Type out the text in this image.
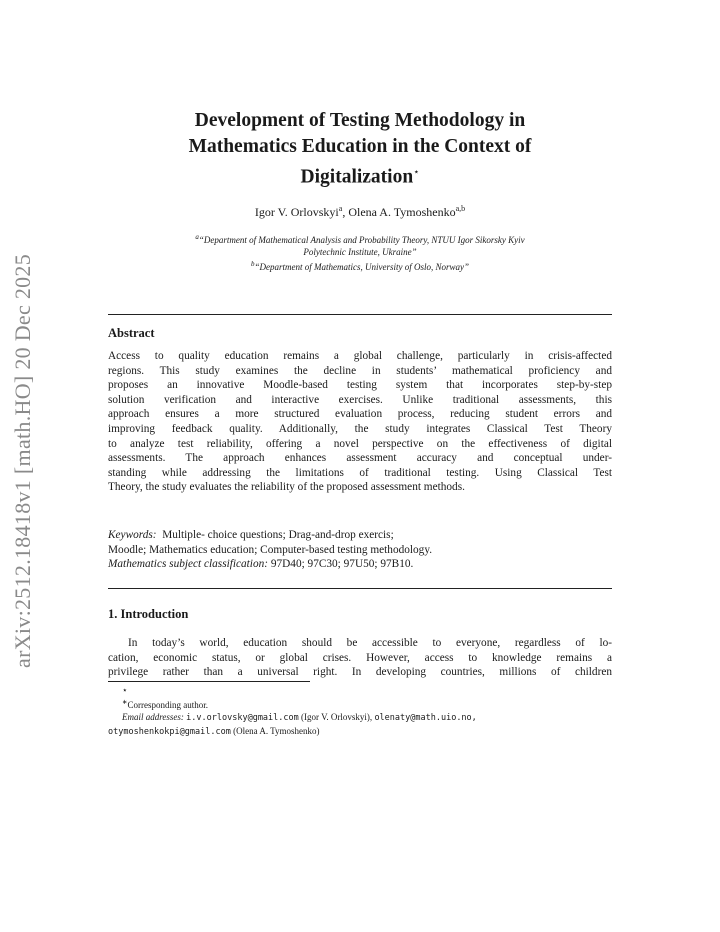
arXiv:2512.18418v1 [math.HO] 20 Dec 2025
Development of Testing Methodology in
Mathematics Education in the Context of
Digitalization⋆
Igor V. Orlovskyi$^a$, Olena A. Tymoshenko$^{a,b}$
$^a$“Department of Mathematical Analysis and Probability Theory, NTUU Igor Sikorsky Kyiv
Polytechnic Institute, Ukraine”
$^b$“Department of Mathematics, University of Oslo, Norway”
Abstract
Access to quality education remains a global challenge, particularly in crisis-affected
regions. This study examines the decline in students’ mathematical proficiency and
proposes an innovative Moodle-based testing system that incorporates step-by-step
solution verification and interactive exercises. Unlike traditional assessments, this
approach ensures a more structured evaluation process, reducing student errors and
improving feedback quality. Additionally, the study integrates Classical Test Theory
to analyze test reliability, offering a novel perspective on the effectiveness of digital
assessments. The approach enhances assessment accuracy and conceptual under-
standing while addressing the limitations of traditional testing. Using Classical Test
Theory, the study evaluates the reliability of the proposed assessment methods.
Keywords: Multiple- choice questions; Drag-and-drop exercis;
Moodle; Mathematics education; Computer-based testing methodology.
Mathematics subject classification: 97D40; 97C30; 97U50; 97B10.
1. Introduction
In today’s world, education should be accessible to everyone, regardless of lo-
cation, economic status, or global crises. However, access to knowledge remains a
privilege rather than a universal right. In developing countries, millions of children
⋆
∗Corresponding author.
Email addresses: i.v.orlovsky@gmail.com (Igor V. Orlovskyi), olenaty@math.uio.no,
otymoshenkokpi@gmail.com (Olena A. Tymoshenko)
